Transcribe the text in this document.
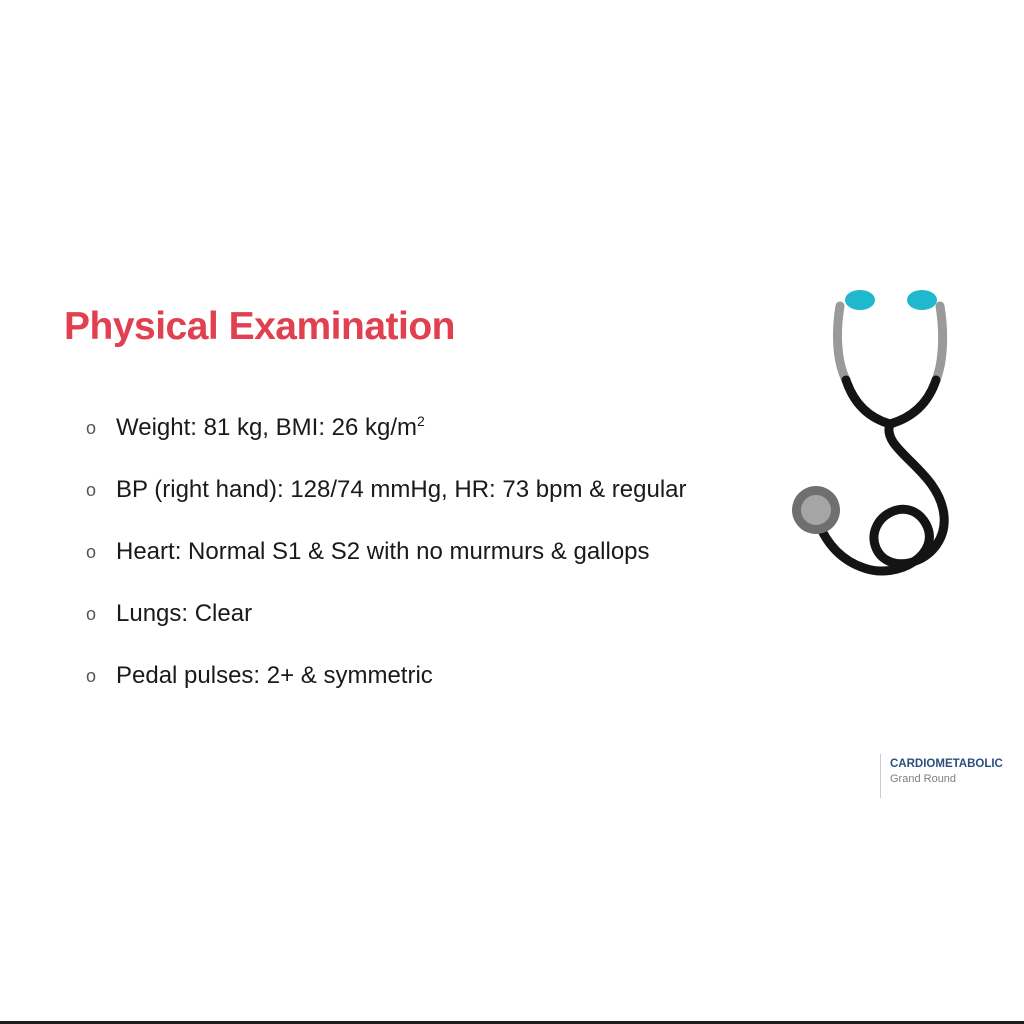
Physical Examination
o Weight: 81 kg, BMI: 26 $kg/m^2$
o BP (right hand): 128/74 mmHg, HR: 73 bpm & regular
o Heart: Normal S1 & S2 with no murmurs & gallops
o Lungs: Clear
o Pedal pulses: 2+ & symmetric
CARDIOMETABOLIC
Grand Round
